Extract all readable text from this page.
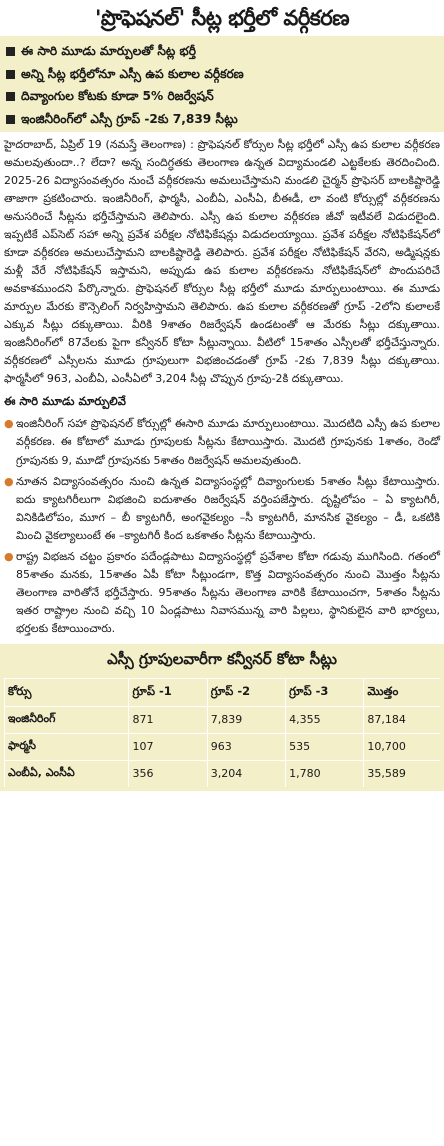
'ప్రొఫెషనల్' సీట్ల భర్తీలో వర్గీకరణ
ఈ సారి మూడు మార్పులతో సీట్ల భర్తీ
అన్ని సీట్ల భర్తీలోనూ ఎస్సీ ఉప కులాల వర్గీకరణ
దివ్యాంగుల కోటకు కూడా 5% రిజర్వేషన్
ఇంజినీరింగ్‌లో ఎస్సీ గ్రూప్ -2కు 7,839 సీట్లు
హైదరాబాద్, ఏప్రిల్ 19 (నమస్తే తెలంగాణ) : ప్రొఫెషనల్ కోర్సుల సీట్ల భర్తీలో ఎస్సీ ఉప కులాల వర్గీకరణ అమలవుతుందా..? లేదా? అన్న సందిగ్ధతకు తెలంగాణ ఉన్నత విద్యామండలి ఎట్టకేలకు తెరదించింది. 2025-26 విద్యాసంవత్సరం నుంచే వర్గీకరణను అమలుచేస్తామని మండలి చైర్మన్ ప్రొఫెసర్ బాలకిష్టారెడ్డి తాజాగా ప్రకటించారు. ఇంజినీరింగ్, ఫార్మసీ, ఎంబీఏ, ఎంసీఏ, బీఈడీ, లా వంటి కోర్సుల్లో వర్గీకరణను అనుసరించే సీట్లను భర్తీచేస్తామని తెలిపారు. ఎస్సీ ఉప కులాల వర్గీకరణ జీవో ఇటీవలే విడుదలైంది. ఇప్పటికే ఎప్‌సెట్ సహా అన్ని ప్రవేశ పరీక్షల నోటిఫికేషన్లు విడుదలయ్యాయి. ప్రవేశ పరీక్షల నోటిఫికేషన్‌లో కూడా వర్గీకరణ అమలుచేస్తామని బాలకిష్టారెడ్డి తెలిపారు. ప్రవేశ పరీక్షల నోటిఫికేషన్ వేరని, అడ్మిషన్లకు మళ్లీ వేరే నోటిఫికేషన్ ఇస్తామని, అప్పుడు ఉప కులాల వర్గీకరణను నోటిఫికేషన్‌లో పొందుపరిచే అవకాశముందని పేర్కొన్నారు. ప్రొఫెషనల్ కోర్సుల సీట్ల భర్తీలో మూడు మార్పులుంటాయి. ఈ మూడు మార్పుల మేరకు కౌన్సెలింగ్ నిర్వహిస్తామని తెలిపారు. ఉప కులాల వర్గీకరణతో గ్రూప్ -2లోని కులాలకే ఎక్కువ సీట్లు దక్కుతాయి. వీరికి 9శాతం రిజర్వేషన్ ఉండటంతో ఆ మేరకు సీట్లు దక్కుతాయి. ఇంజినీరింగ్‌లో 87వేలకు పైగా కన్వీనర్ కోటా సీట్లున్నాయి. వీటిలో 15శాతం ఎస్సీలతో భర్తీచేస్తున్నారు. వర్గీకరణలో ఎస్సీలను మూడు గ్రూపులుగా విభజించడంతో గ్రూప్ -2కు 7,839 సీట్లు దక్కుతాయి. ఫార్మసీలో 963, ఎంబీఏ, ఎంసీఏలో 3,204 సీట్ల చొప్పున గ్రూపు-2కి దక్కుతాయి.
ఈ సారి మూడు మార్పులివే
● ఇంజినీరింగ్ సహా ప్రొఫెషనల్ కోర్సుల్లో ఈసారి మూడు మార్పులుంటాయి. మొదటిది ఎస్సీ ఉప కులాల వర్గీకరణ. ఈ కోటాలో మూడు గ్రూపులకు సీట్లను కేటాయిస్తారు. మొదటి గ్రూపునకు 1శాతం, రెండో గ్రూపునకు 9, మూడో గ్రూపునకు 5శాతం రిజర్వేషన్ అమలవుతుంది.
● నూతన విద్యాసంవత్సరం నుంచి ఉన్నత విద్యాసంస్థల్లో దివ్యాంగులకు 5శాతం సీట్లు కేటాయిస్తారు. ఐదు క్యాటగిరీలుగా విభజించి ఐదుశాతం రిజర్వేషన్ వర్తింపజేస్తారు. దృష్టిలోపం – ఏ క్యాటగిరీ, వినికిడిలోపం, మూగ – బీ క్యాటగిరీ, అంగవైకల్యం –సీ క్యాటగిరీ, మానసిక వైకల్యం – డీ, ఒకటికి మించి వైకల్యాలుంటే ఈ –క్యాటగిరీ కింద ఒకశాతం సీట్లను కేటాయిస్తారు.
● రాష్ట్ర విభజన చట్టం ప్రకారం పదేండ్లపాటు విద్యాసంస్థల్లో ప్రవేశాల కోటా గడువు ముగిసింది. గతంలో 85శాతం మనకు, 15శాతం ఏపీ కోటా సీట్లుండగా, కొత్త విద్యాసంవత్సరం నుంచి మొత్తం సీట్లను తెలంగాణ వారితోనే భర్తీచేస్తారు. 95శాతం సీట్లను తెలంగాణ వారికి కేటాయించగా, 5శాతం సీట్లను ఇతర రాష్ట్రాల నుంచి వచ్చి 10 ఏండ్లపాటు నివాసమున్న వారి పిల్లలు, స్థానికులైన వారి భార్యలు, భర్తలకు కేటాయించారు.
ఎస్సీ గ్రూపులవారీగా కన్వీనర్ కోటా సీట్లు
కోర్సు	గ్రూప్ -1	గ్రూప్ -2	గ్రూప్ -3	మొత్తం
ఇంజినీరింగ్	871	7,839	4,355	87,184
ఫార్మసీ	107	963	535	10,700
ఎంబీఏ, ఎంసీఏ	356	3,204	1,780	35,589
